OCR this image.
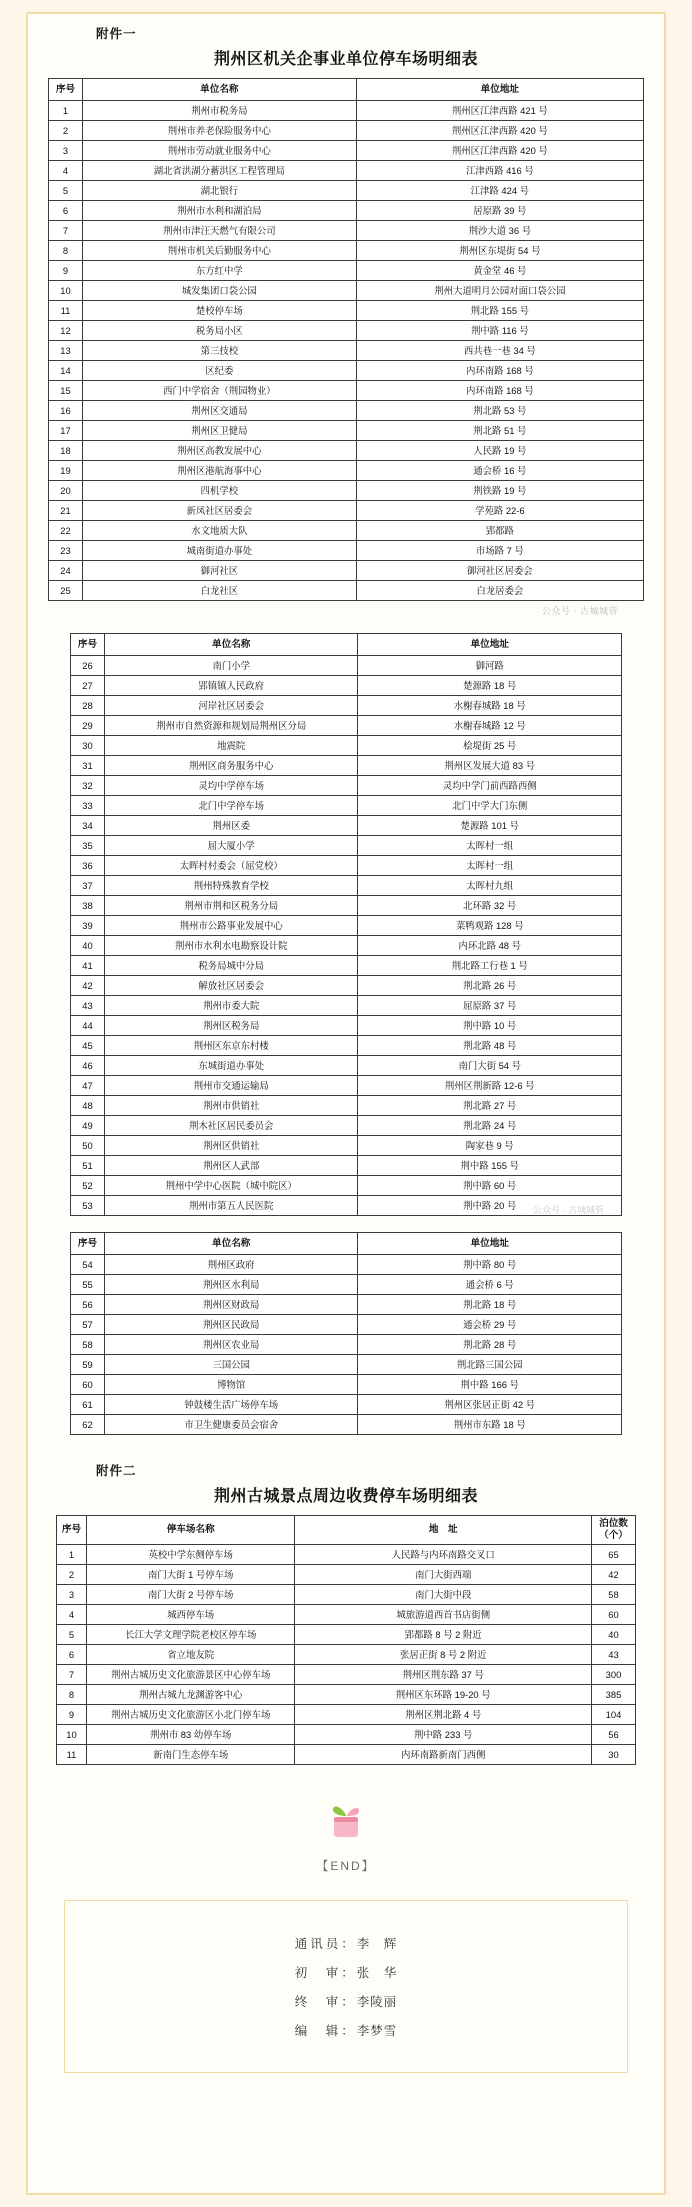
附件一
荆州区机关企事业单位停车场明细表
序号	单位名称	单位地址
1	荆州市税务局	荆州区江津西路 421 号
2	荆州市养老保险服务中心	荆州区江津西路 420 号
3	荆州市劳动就业服务中心	荆州区江津西路 420 号
4	湖北省洪湖分蓄洪区工程管理局	江津西路 416 号
5	湖北银行	江津路 424 号
6	荆州市水利和湖泊局	居原路 39 号
7	荆州市津汪天燃气有限公司	荆沙大道 36 号
8	荆州市机关后勤服务中心	荆州区东堤街 54 号
9	东方红中学	黄金堂 46 号
10	城发集团口袋公园	荆州大道明月公园对面口袋公园
11	楚校停车场	荆北路 155 号
12	税务局小区	荆中路 116 号
13	第三技校	西共巷一巷 34 号
14	区纪委	内环南路 168 号
15	西门中学宿舍（荆园物业）	内环南路 168 号
16	荆州区交通局	荆北路 53 号
17	荆州区卫健局	荆北路 51 号
18	荆州区高教发展中心	人民路 19 号
19	荆州区港航海事中心	通会桥 16 号
20	四机学校	荆铁路 19 号
21	新凤社区居委会	学苑路 22-6
22	水文地质大队	郢都路
23	城南街道办事处	市场路 7 号
24	御河社区	御河社区居委会
25	白龙社区	白龙居委会
公众号 · 古城城管
序号	单位名称	单位地址
26	南门小学	御河路
27	郢镇镇人民政府	楚源路 18 号
28	河岸社区居委会	水榭春城路 18 号
29	荆州市自然资源和规划局荆州区分局	水榭春城路 12 号
30	地震院	桧堤街 25 号
31	荆州区商务服务中心	荆州区发展大道 83 号
32	灵均中学停车场	灵均中学门前西路西侧
33	北门中学停车场	北门中学大门东侧
34	荆州区委	楚源路 101 号
35	屈大厦小学	太晖村一组
36	太晖村村委会（屈党校）	太晖村一组
37	荆州特殊教育学校	太晖村九组
38	荆州市荆和区税务分局	北环路 32 号
39	荆州市公路事业发展中心	菜鸭观路 128 号
40	荆州市水利水电勘察设计院	内环北路 48 号
41	税务局城中分局	荆北路工行巷 1 号
42	解放社区居委会	荆北路 26 号
43	荆州市委大院	屈原路 37 号
44	荆州区税务局	荆中路 10 号
45	荆州区东京东村楼	荆北路 48 号
46	东城街道办事处	南门大街 54 号
47	荆州市交通运输局	荆州区荆新路 12-6 号
48	荆州市供销社	荆北路 27 号
49	荆木社区居民委员会	荆北路 24 号
50	荆州区供销社	陶家巷 9 号
51	荆州区人武部	荆中路 155 号
52	荆州中学中心医院（城中院区）	荆中路 60 号
53	荆州市第五人民医院	荆中路 20 号	公众号 · 古城城管
序号	单位名称	单位地址
54	荆州区政府	荆中路 80 号
55	荆州区水利局	通会桥 6 号
56	荆州区财政局	荆北路 18 号
57	荆州区民政局	通会桥 29 号
58	荆州区农业局	荆北路 28 号
59	三国公园	荆北路三国公园
60	博物馆	荆中路 166 号
61	钟鼓楼生活广场停车场	荆州区张居正街 42 号
62	市卫生健康委员会宿舍	荆州市东路 18 号
附件二
荆州古城景点周边收费停车场明细表
序号	停车场名称	地　址	泊位数（个）
1	英校中学东侧停车场	人民路与内环南路交叉口	65
2	南门大街 1 号停车场	南门大街西端	42
3	南门大街 2 号停车场	南门大街中段	58
4	城西停车场	城旅游道西首书店街侧	60
5	长江大学文理学院老校区停车场	郢都路 8 号 2 附近	40
6	省立地友院	张居正街 8 号 2 附近	43
7	荆州古城历史文化旅游景区中心停车场	荆州区荆东路 37 号	300
8	荆州古城九龙渊游客中心	荆州区东环路 19-20 号	385
9	荆州古城历史文化旅游区小北门停车场	荆州区荆北路 4 号	104
10	荆州市 83 幼停车场	荆中路 233 号	56
11	新南门生态停车场	内环南路新南门西侧	30
【END】
通讯员：李　辉
初　审：张　华
终　审：李陵丽
编　辑：李梦雪
